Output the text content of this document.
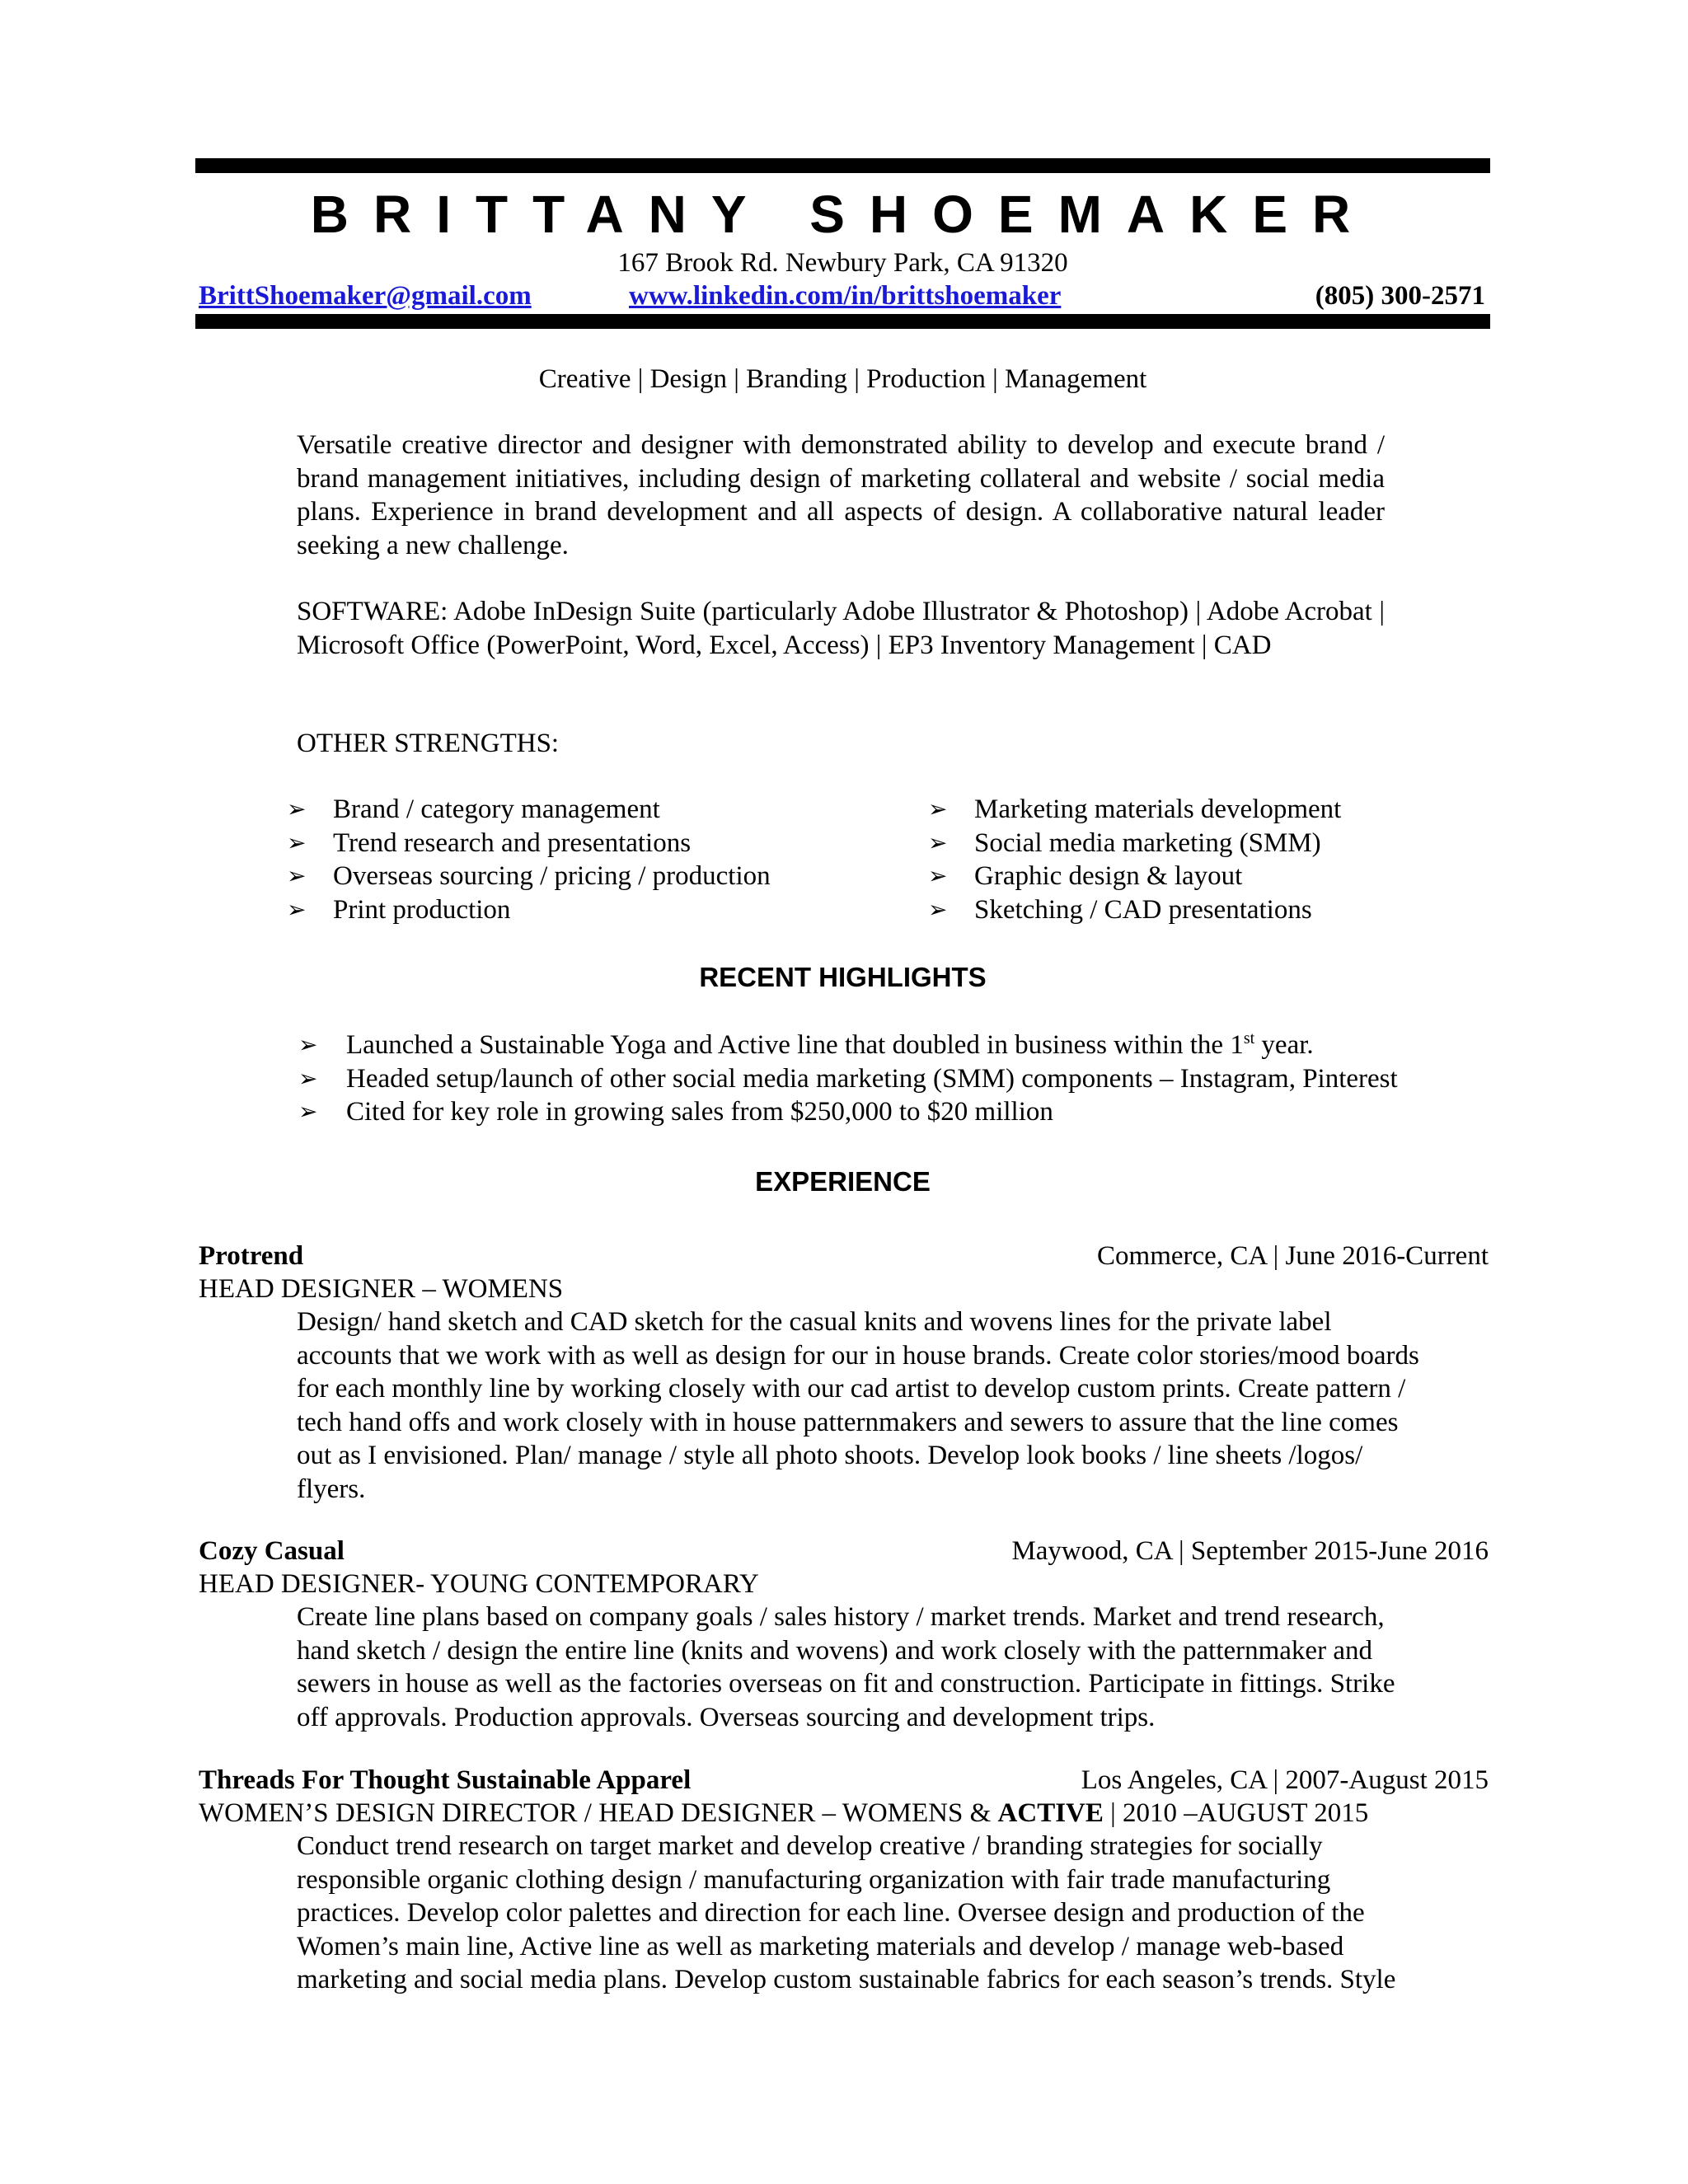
BRITTANY SHOEMAKER
167 Brook Rd. Newbury Park, CA 91320
BrittShoemaker@gmail.com	www.linkedin.com/in/brittshoemaker	(805) 300-2571
Creative | Design | Branding | Production | Management
Versatile creative director and designer with demonstrated ability to develop and execute brand / brand management initiatives, including design of marketing collateral and website / social media plans. Experience in brand development and all aspects of design. A collaborative natural leader seeking a new challenge.
SOFTWARE: Adobe InDesign Suite (particularly Adobe Illustrator & Photoshop) | Adobe Acrobat | Microsoft Office (PowerPoint, Word, Excel, Access) | EP3 Inventory Management | CAD
OTHER STRENGTHS:
➢ Brand / category management
➢ Trend research and presentations
➢ Overseas sourcing / pricing / production
➢ Print production
➢ Marketing materials development
➢ Social media marketing (SMM)
➢ Graphic design & layout
➢ Sketching / CAD presentations
RECENT HIGHLIGHTS
➢ Launched a Sustainable Yoga and Active line that doubled in business within the 1st year.
➢ Headed setup/launch of other social media marketing (SMM) components – Instagram, Pinterest
➢ Cited for key role in growing sales from $250,000 to $20 million
EXPERIENCE
Protrend	Commerce, CA | June 2016-Current
HEAD DESIGNER – WOMENS
Design/ hand sketch and CAD sketch for the casual knits and wovens lines for the private label
accounts that we work with as well as design for our in house brands. Create color stories/mood boards
for each monthly line by working closely with our cad artist to develop custom prints. Create pattern /
tech hand offs and work closely with in house patternmakers and sewers to assure that the line comes
out as I envisioned. Plan/ manage / style all photo shoots. Develop look books / line sheets /logos/
flyers.
Cozy Casual	Maywood, CA | September 2015-June 2016
HEAD DESIGNER- YOUNG CONTEMPORARY
Create line plans based on company goals / sales history / market trends. Market and trend research,
hand sketch / design the entire line (knits and wovens) and work closely with the patternmaker and
sewers in house as well as the factories overseas on fit and construction. Participate in fittings. Strike
off approvals. Production approvals. Overseas sourcing and development trips.
Threads For Thought Sustainable Apparel	Los Angeles, CA | 2007-August 2015
WOMEN’S DESIGN DIRECTOR / HEAD DESIGNER – WOMENS & ACTIVE | 2010 –AUGUST 2015
Conduct trend research on target market and develop creative / branding strategies for socially
responsible organic clothing design / manufacturing organization with fair trade manufacturing
practices. Develop color palettes and direction for each line. Oversee design and production of the
Women’s main line, Active line as well as marketing materials and develop / manage web-based
marketing and social media plans. Develop custom sustainable fabrics for each season’s trends. Style
